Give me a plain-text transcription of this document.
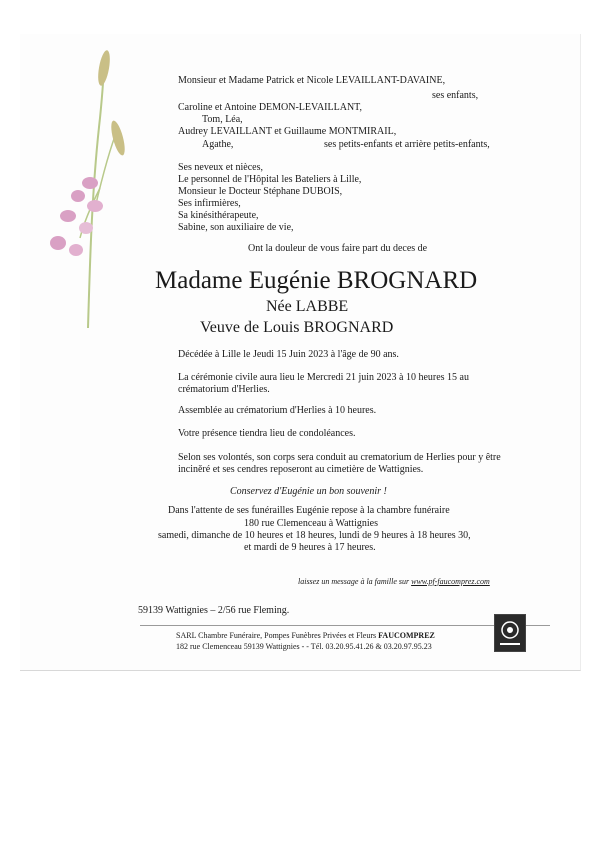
Monsieur et Madame Patrick et Nicole LEVAILLANT-DAVAINE,
ses enfants,
Caroline et Antoine DEMON-LEVAILLANT,
Tom, Léa,
Audrey LEVAILLANT et Guillaume MONTMIRAIL,
Agathe,	ses petits-enfants et arrière petits-enfants,
Ses neveux et nièces,
Le personnel de l'Hôpital les Bateliers à Lille,
Monsieur le Docteur Stéphane DUBOIS,
Ses infirmières,
Sa kinésithérapeute,
Sabine, son auxiliaire de vie,
Ont la douleur de vous faire part du deces de
Madame Eugénie BROGNARD
Née LABBE
Veuve de Louis BROGNARD
Décédée à Lille le Jeudi 15 Juin 2023 à l'âge de 90 ans.
La cérémonie civile aura lieu le Mercredi 21 juin 2023 à 10 heures 15 au
crématorium d'Herlies.
Assemblée au crématorium d'Herlies à 10 heures.
Votre présence tiendra lieu de condoléances.
Selon ses volontés, son corps sera conduit au crematorium de Herlies pour y être
inciněré et ses cendres reposeront au cimetière de Wattignies.
Conservez d'Eugénie un bon souvenir !
Dans l'attente de ses funérailles Eugénie repose à la chambre funéraire
180 rue Clemenceau à Wattignies
samedi, dimanche de 10 heures et 18 heures, lundi de 9 heures à 18 heures 30,
et mardi de 9 heures à 17 heures.
laissez un message à la famille sur www.pf-faucomprez.com
59139 Wattignies – 2/56 rue Fleming.
SARL Chambre Funéraire, Pompes Funèbres Privées et Fleurs FAUCOMPREZ
182 rue Clemenceau 59139 Wattignies - - Tél. 03.20.95.41.26 & 03.20.97.95.23
